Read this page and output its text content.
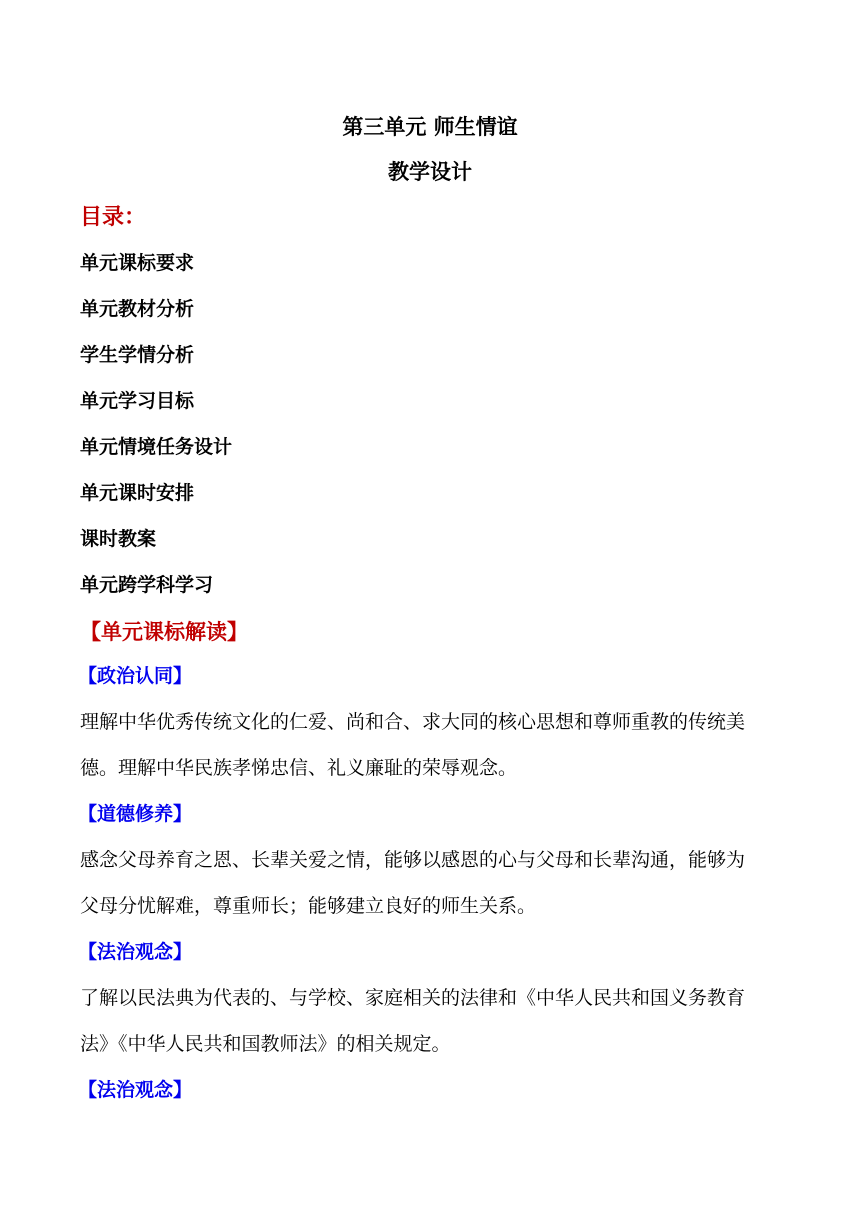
第三单元 师生情谊
教学设计
目录：
单元课标要求
单元教材分析
学生学情分析
单元学习目标
单元情境任务设计
单元课时安排
课时教案
单元跨学科学习
【单元课标解读】
【政治认同】
理解中华优秀传统文化的仁爱、尚和合、求大同的核心思想和尊师重教的传统美
德。理解中华民族孝悌忠信、礼义廉耻的荣辱观念。
【道德修养】
感念父母养育之恩、长辈关爱之情，能够以感恩的心与父母和长辈沟通，能够为
父母分忧解难，尊重师长；能够建立良好的师生关系。
【法治观念】
了解以民法典为代表的、与学校、家庭相关的法律和《中华人民共和国义务教育
法》《中华人民共和国教师法》的相关规定。
【法治观念】
